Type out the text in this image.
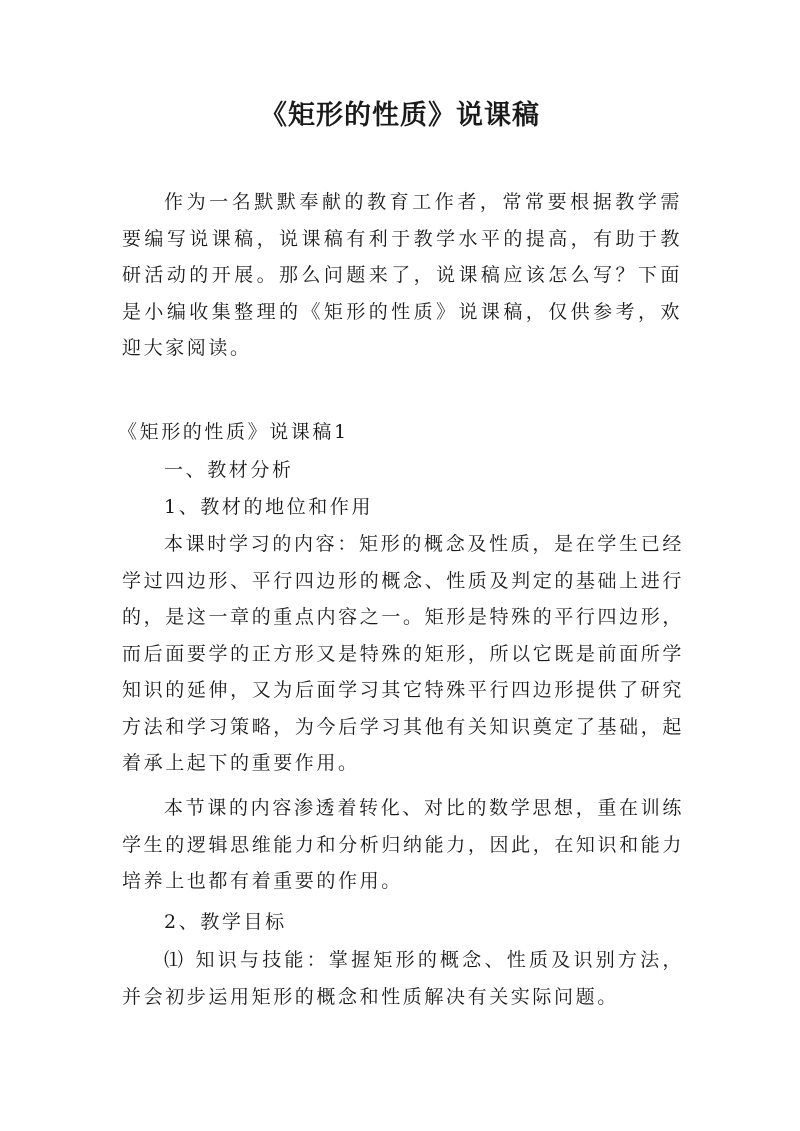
《矩形的性质》说课稿
作为一名默默奉献的教育工作者，常常要根据教学需要编写说课稿，说课稿有利于教学水平的提高，有助于教研活动的开展。那么问题来了，说课稿应该怎么写？下面是小编收集整理的《矩形的性质》说课稿，仅供参考，欢迎大家阅读。
《矩形的性质》说课稿1
一、教材分析
1、教材的地位和作用
本课时学习的内容：矩形的概念及性质，是在学生已经学过四边形、平行四边形的概念、性质及判定的基础上进行的，是这一章的重点内容之一。矩形是特殊的平行四边形，而后面要学的正方形又是特殊的矩形，所以它既是前面所学知识的延伸，又为后面学习其它特殊平行四边形提供了研究方法和学习策略，为今后学习其他有关知识奠定了基础，起着承上起下的重要作用。
本节课的内容渗透着转化、对比的数学思想，重在训练学生的逻辑思维能力和分析归纳能力，因此，在知识和能力培养上也都有着重要的作用。
2、教学目标
⑴ 知识与技能：掌握矩形的概念、性质及识别方法，并会初步运用矩形的概念和性质解决有关实际问题。
